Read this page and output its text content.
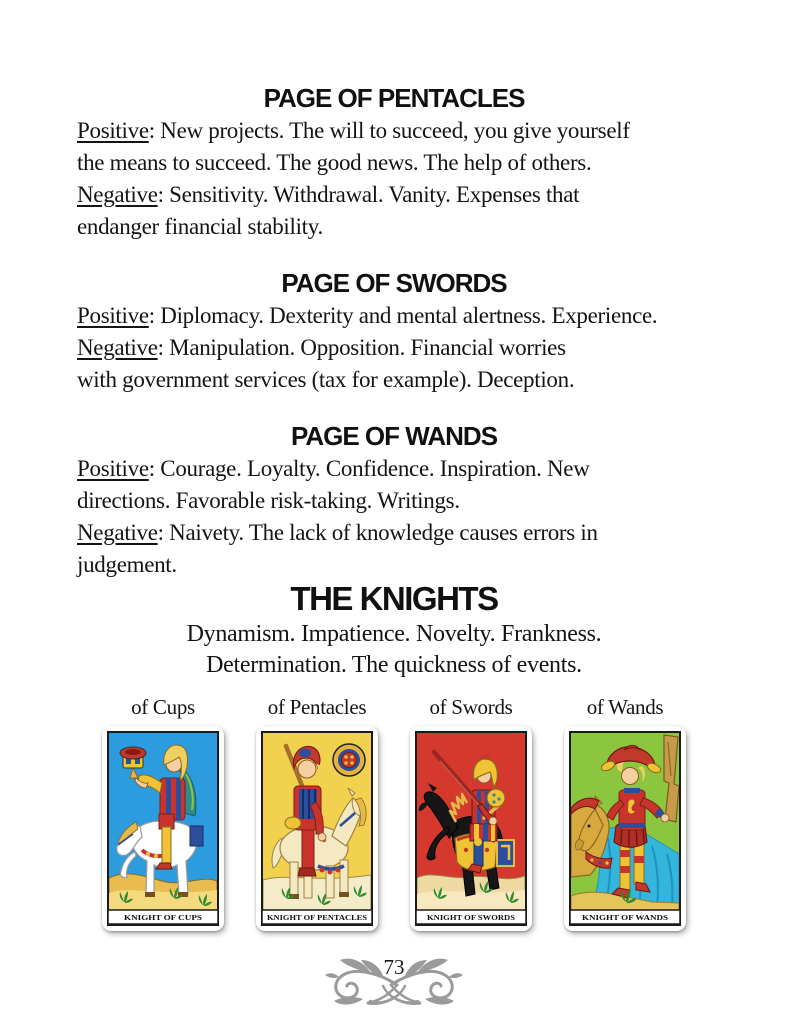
PAGE OF PENTACLES
Positive: New projects. The will to succeed, you give yourself
the means to succeed. The good news. The help of others.
Negative: Sensitivity. Withdrawal. Vanity. Expenses that
endanger financial stability.
PAGE OF SWORDS
Positive: Diplomacy. Dexterity and mental alertness. Experience.
Negative: Manipulation. Opposition. Financial worries
with government services (tax for example). Deception.
PAGE OF WANDS
Positive: Courage. Loyalty. Confidence. Inspiration. New
directions. Favorable risk-taking. Writings.
Negative: Naivety. The lack of knowledge causes errors in
judgement.
THE KNIGHTS
Dynamism. Impatience. Novelty. Frankness.
Determination. The quickness of events.
of Cups
KNIGHT OF CUPS
of Pentacles
KNIGHT OF PENTACLES
of Swords
KNIGHT OF SWORDS
of Wands
KNIGHT OF WANDS
73
